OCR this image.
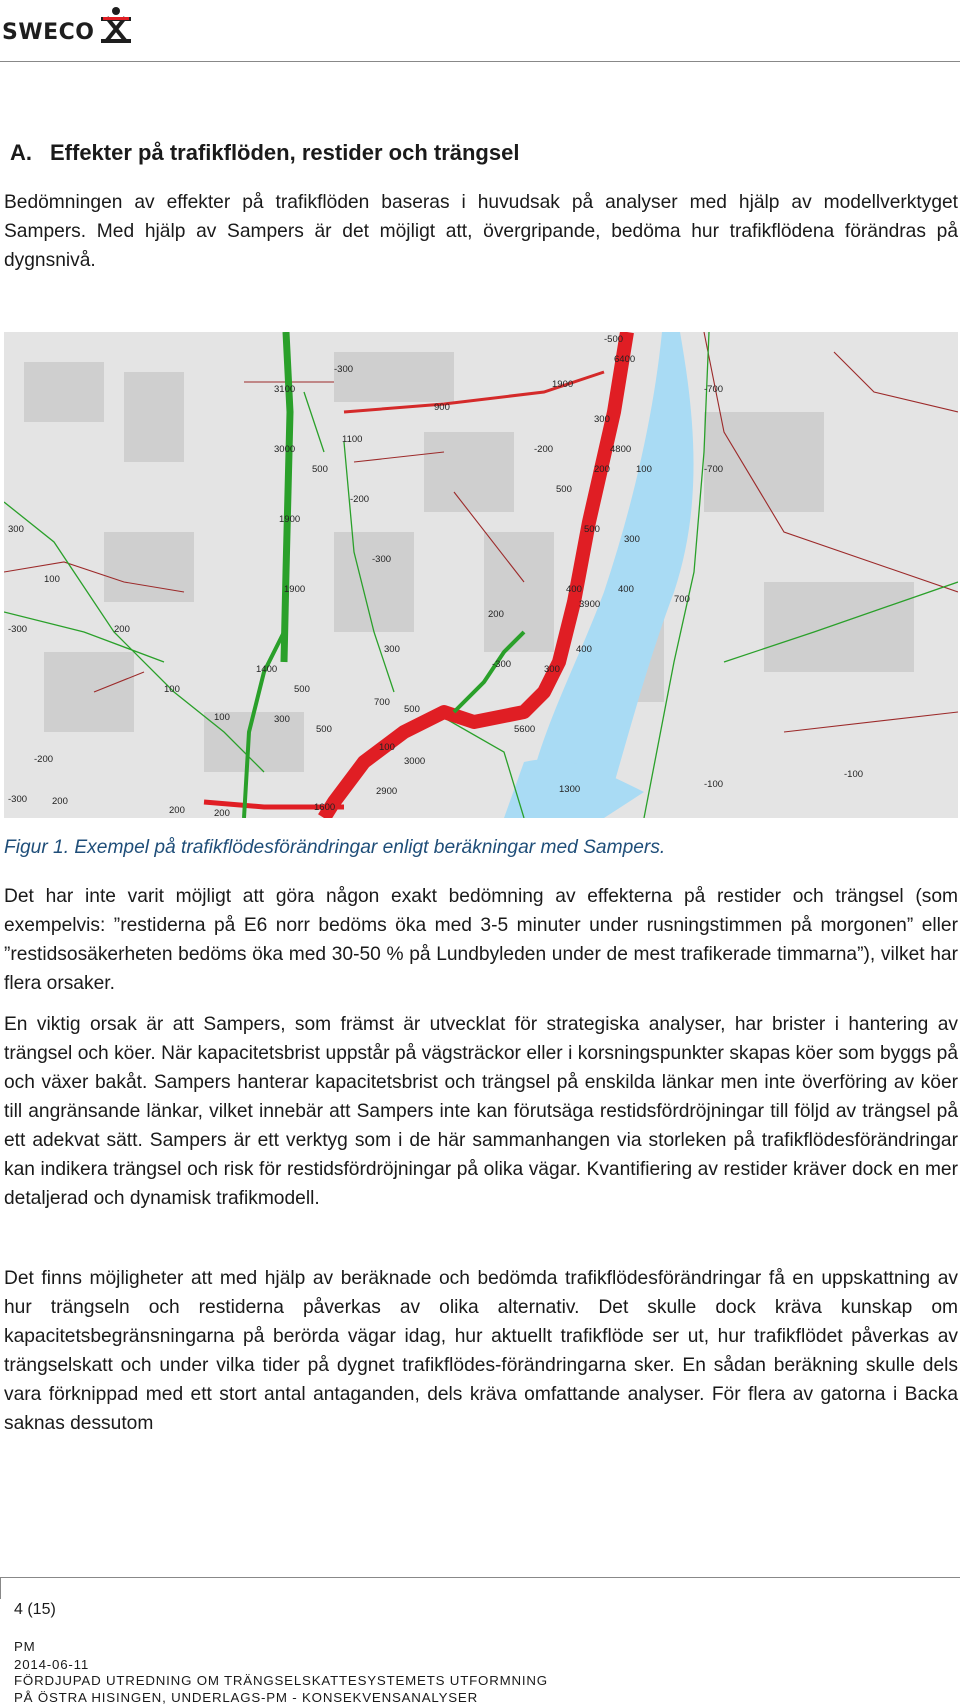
SWECO
A. Effekter på trafikflöden, restider och trängsel

Bedömningen av effekter på trafikflöden baseras i huvudsak på analyser med hjälp av modellverktyget Sampers. Med hjälp av Sampers är det möjligt att, övergripande, bedöma hur trafikflödena förändras på dygnsnivå.

3100
-300
6400
-500
1900
900
-700
3000
1100
-200
300
4800
500	200	100	-700
1900
300
500
-200
-300
500
300
1900	400
3900
400
-300
100
200
700
200
1400
500
300
300
400
-300	300
100
100
700
500
500
100
3000
5600
2900
-200
200
200	1600
1300	-100
-100
200
-300
Figur 1. Exempel på trafikflödesförändringar enligt beräkningar med Sampers.

Det har inte varit möjligt att göra någon exakt bedömning av effekterna på restider och trängsel (som exempelvis: ”restiderna på E6 norr bedöms öka med 3-5 minuter under rusningstimmen på morgonen” eller ”restidsosäkerheten bedöms öka med 30-50 % på Lundbyleden under de mest trafikerade timmarna”), vilket har flera orsaker.

En viktig orsak är att Sampers, som främst är utvecklat för strategiska analyser, har brister i hantering av trängsel och köer. När kapacitetsbrist uppstår på vägsträckor eller i korsningspunkter skapas köer som byggs på och växer bakåt. Sampers hanterar kapacitetsbrist och trängsel på enskilda länkar men inte överföring av köer till angränsande länkar, vilket innebär att Sampers inte kan förutsäga restidsfördröjningar till följd av trängsel på ett adekvat sätt. Sampers är ett verktyg som i de här sammanhangen via storleken på trafikflödesförändringar kan indikera trängsel och risk för restidsfördröjningar på olika vägar. Kvantifiering av restider kräver dock en mer detaljerad och dynamisk trafikmodell.

Det finns möjligheter att med hjälp av beräknade och bedömda trafikflödesförändringar få en uppskattning av hur trängseln och restiderna påverkas av olika alternativ. Det skulle dock kräva kunskap om kapacitetsbegränsningarna på berörda vägar idag, hur aktuellt trafikflöde ser ut, hur trafikflödet påverkas av trängselskatt och under vilka tider på dygnet trafikflödes-förändringarna sker. En sådan beräkning skulle dels vara förknippad med ett stort antal antaganden, dels kräva omfattande analyser. För flera av gatorna i Backa saknas dessutom

4 (15)
PM
2014-06-11
FÖRDJUPAD UTREDNING OM TRÄNGSELSKATTESYSTEMETS UTFORMNING
PÅ ÖSTRA HISINGEN, UNDERLAGS-PM - KONSEKVENSANALYSER
